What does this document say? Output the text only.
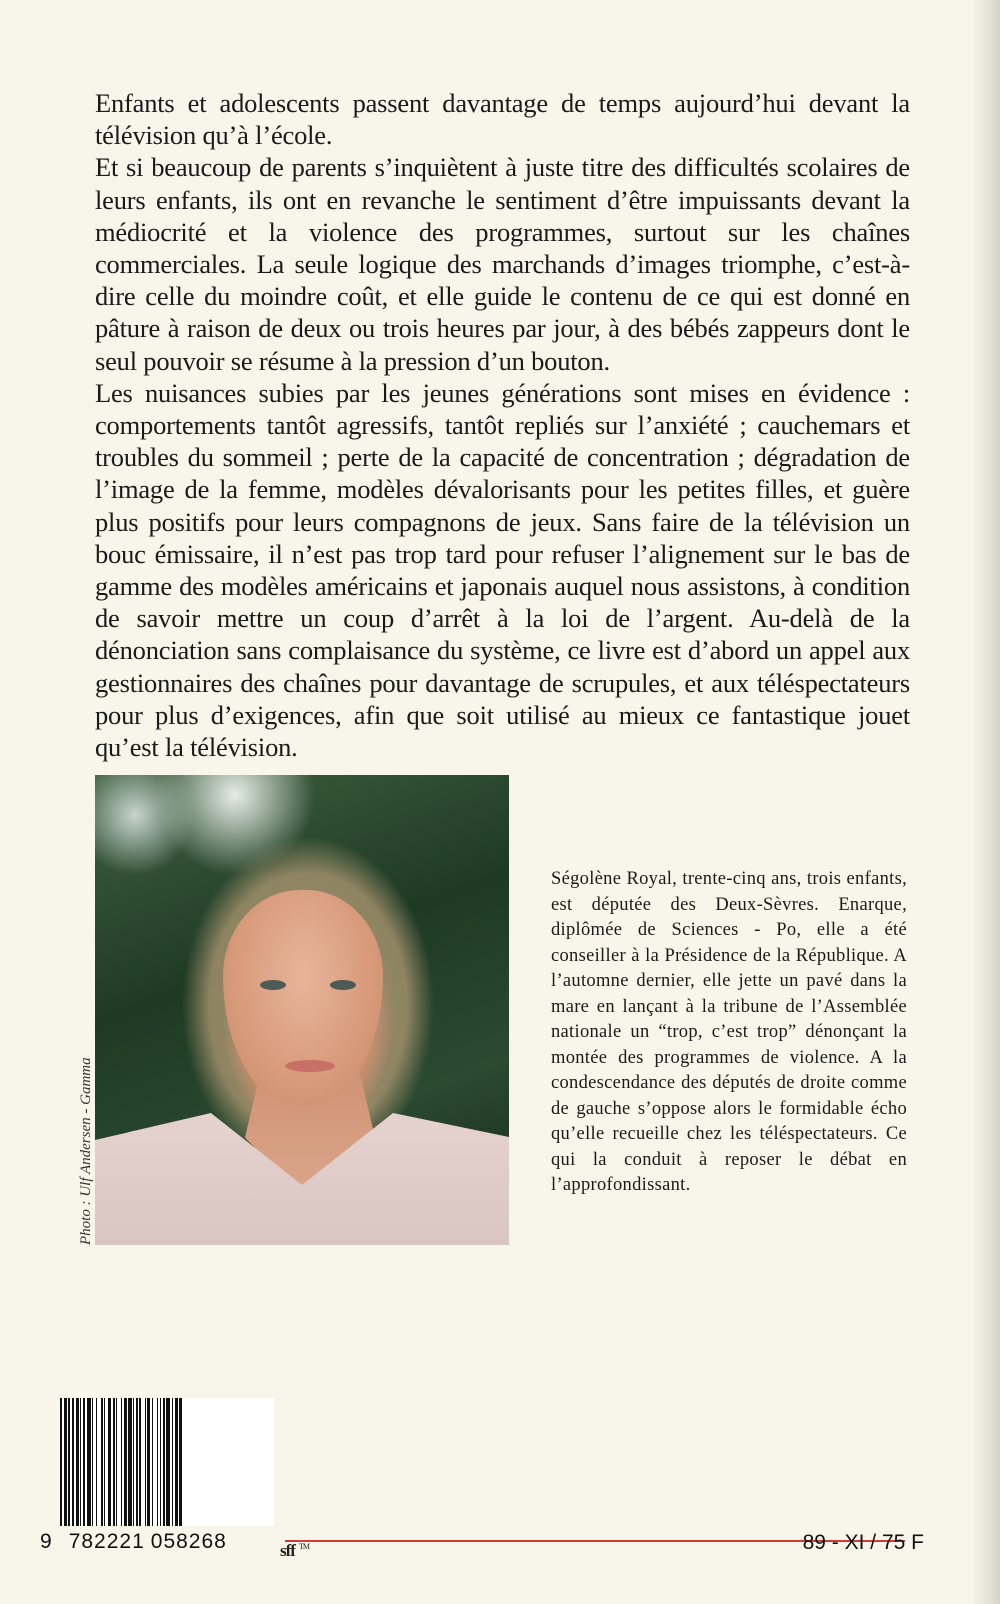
Enfants et adolescents passent davantage de temps aujourd’hui devant la télévision qu’à l’école.

Et si beaucoup de parents s’inquiètent à juste titre des difficultés scolaires de leurs enfants, ils ont en revanche le sentiment d’être impuissants devant la médiocrité et la violence des programmes, surtout sur les chaînes commerciales. La seule logique des marchands d’images triomphe, c’est-à-dire celle du moindre coût, et elle guide le contenu de ce qui est donné en pâture à raison de deux ou trois heures par jour, à des bébés zappeurs dont le seul pouvoir se résume à la pression d’un bouton.

Les nuisances subies par les jeunes générations sont mises en évidence : comportements tantôt agressifs, tantôt repliés sur l’anxiété ; cauchemars et troubles du sommeil ; perte de la capacité de concentration ; dégradation de l’image de la femme, modèles dévalorisants pour les petites filles, et guère plus positifs pour leurs compagnons de jeux. Sans faire de la télévision un bouc émissaire, il n’est pas trop tard pour refuser l’alignement sur le bas de gamme des modèles américains et japonais auquel nous assistons, à condition de savoir mettre un coup d’arrêt à la loi de l’argent. Au-delà de la dénonciation sans complaisance du système, ce livre est d’abord un appel aux gestionnaires des chaînes pour davantage de scrupules, et aux téléspectateurs pour plus d’exigences, afin que soit utilisé au mieux ce fantastique jouet qu’est la télévision.

Photo : Ulf Andersen - Gamma
Ségolène Royal, trente-cinq ans, trois enfants, est députée des Deux-Sèvres. Enarque, diplômée de Sciences - Po, elle a été conseiller à la Présidence de la République. A l’automne dernier, elle jette un pavé dans la mare en lançant à la tribune de l’Assemblée nationale un “trop, c’est trop” dénonçant la montée des programmes de violence. A la condescendance des députés de droite comme de gauche s’oppose alors le formidable écho qu’elle recueille chez les téléspectateurs. Ce qui la conduit à reposer le débat en l’approfondissant.
9 782221 058268	sff ™	89 - XI / 75 F
